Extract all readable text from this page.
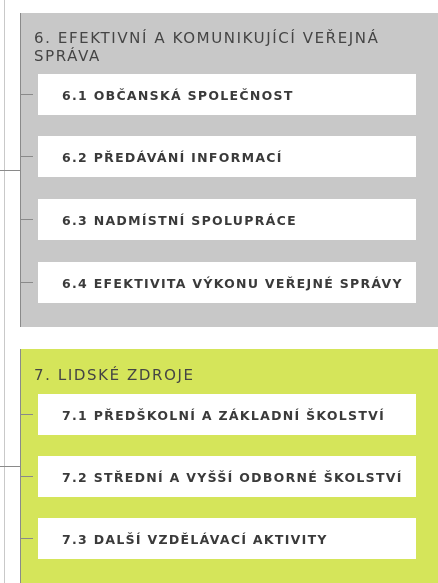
6. EFEKTIVNÍ A KOMUNIKUJÍCÍ VEŘEJNÁ SPRÁVA
6.1 OBČANSKÁ SPOLEČNOST
6.2 PŘEDÁVÁNÍ INFORMACÍ
6.3 NADMÍSTNÍ SPOLUPRÁCE
6.4 EFEKTIVITA VÝKONU VEŘEJNÉ SPRÁVY
7. LIDSKÉ ZDROJE
7.1 PŘEDŠKOLNÍ A ZÁKLADNÍ ŠKOLSTVÍ
7.2 STŘEDNÍ A VYŠŠÍ ODBORNÉ ŠKOLSTVÍ
7.3 DALŠÍ VZDĚLÁVACÍ AKTIVITY
